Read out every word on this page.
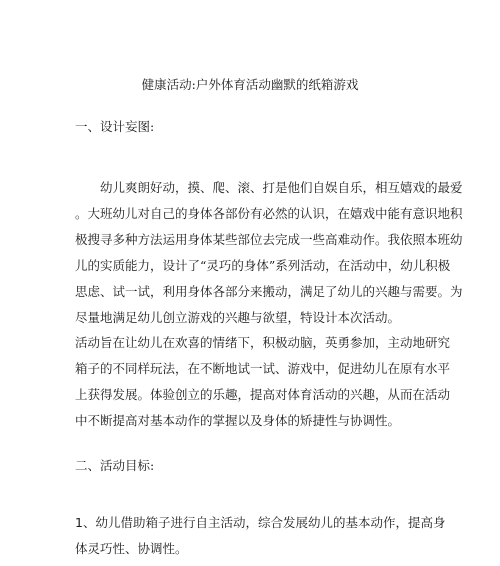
健康活动:户外体育活动幽默的纸箱游戏
一、设计妄图:
幼儿爽朗好动，摸、爬、滚、打是他们自娱自乐，相互嬉戏的最爱
。大班幼儿对自己的身体各部份有必然的认识，在嬉戏中能有意识地积
极搜寻多种方法运用身体某些部位去完成一些高难动作。我依照本班幼
儿的实质能力，设计了“灵巧的身体”系列活动，在活动中，幼儿积极
思虑、试一试，利用身体各部分来搬动，满足了幼儿的兴趣与需要。为
尽量地满足幼儿创立游戏的兴趣与欲望，特设计本次活动。
活动旨在让幼儿在欢喜的情绪下，积极动脑，英勇参加，主动地研究
箱子的不同样玩法，在不断地试一试、游戏中，促进幼儿在原有水平
上获得发展。体验创立的乐趣，提高对体育活动的兴趣，从而在活动
中不断提高对基本动作的掌握以及身体的矫捷性与协调性。
二、活动目标:
1、幼儿借助箱子进行自主活动，综合发展幼儿的基本动作，提高身
体灵巧性、协调性。
